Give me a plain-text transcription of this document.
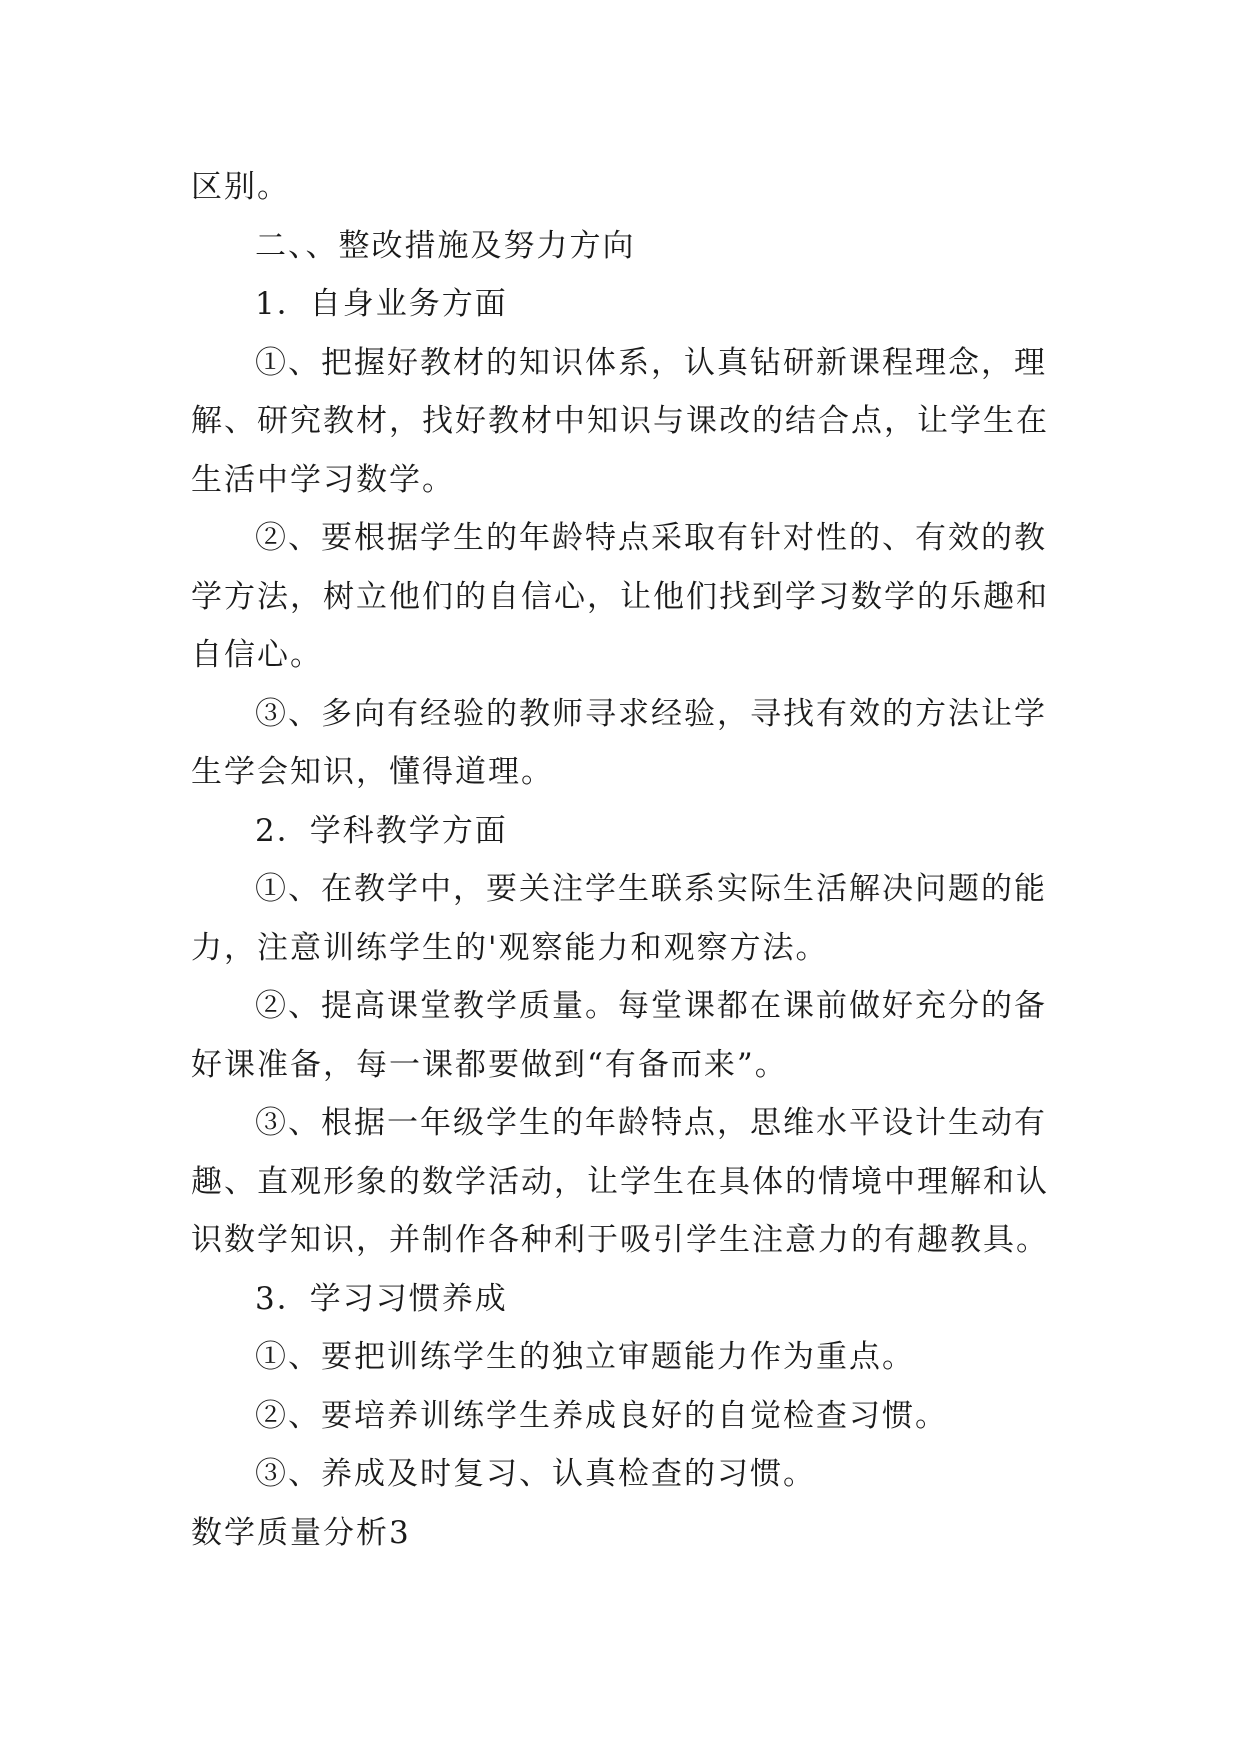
区别。
二、、整改措施及努力方向
1．自身业务方面
①、把握好教材的知识体系，认真钻研新课程理念，理
解、研究教材，找好教材中知识与课改的结合点，让学生在
生活中学习数学。
②、要根据学生的年龄特点采取有针对性的、有效的教
学方法，树立他们的自信心，让他们找到学习数学的乐趣和
自信心。
③、多向有经验的教师寻求经验，寻找有效的方法让学
生学会知识，懂得道理。
2．学科教学方面
①、在教学中，要关注学生联系实际生活解决问题的能
力，注意训练学生的'观察能力和观察方法。
②、提高课堂教学质量。每堂课都在课前做好充分的备
好课准备，每一课都要做到“有备而来”。
③、根据一年级学生的年龄特点，思维水平设计生动有
趣、直观形象的数学活动，让学生在具体的情境中理解和认
识数学知识，并制作各种利于吸引学生注意力的有趣教具。
3．学习习惯养成
①、要把训练学生的独立审题能力作为重点。
②、要培养训练学生养成良好的自觉检查习惯。
③、养成及时复习、认真检查的习惯。
数学质量分析3
